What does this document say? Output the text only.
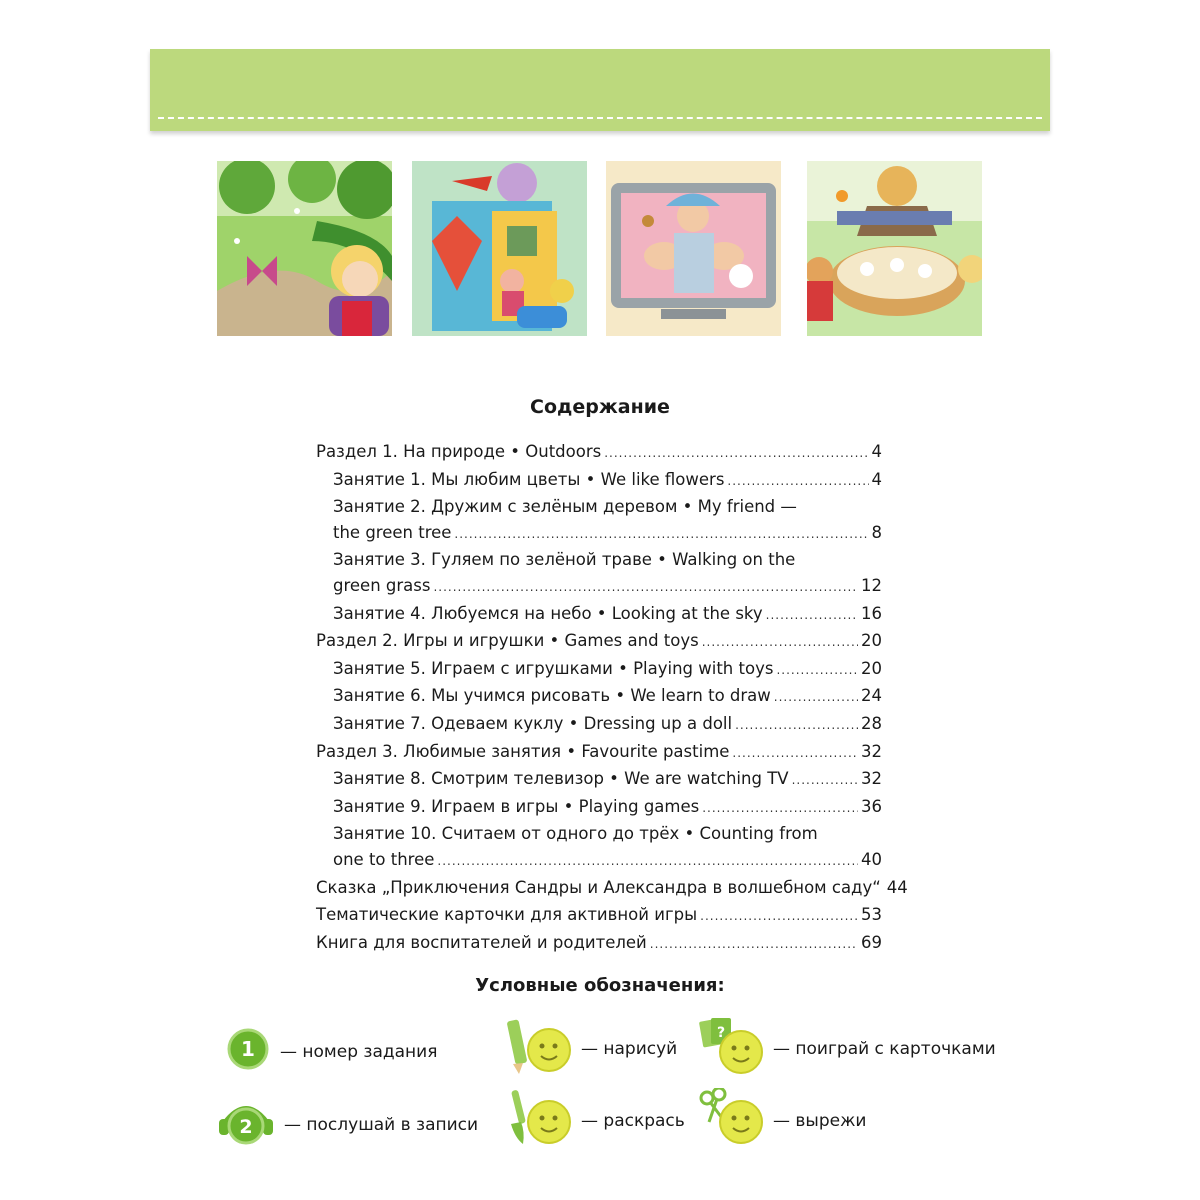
Содержание
Раздел 1. На природе • Outdoors .....	4
Занятие 1. Мы любим цветы • We like flowers .....	4
Занятие 2. Дружим с зелёным деревом • My friend —
the green tree .....	8
Занятие 3. Гуляем по зелёной траве • Walking on the
green grass .....	12
Занятие 4. Любуемся на небо • Looking at the sky .....	16
Раздел 2. Игры и игрушки • Games and toys .....	20
Занятие 5. Играем с игрушками • Playing with toys .....	20
Занятие 6. Мы учимся рисовать • We learn to draw .....	24
Занятие 7. Одеваем куклу • Dressing up a doll .....	28
Раздел 3. Любимые занятия • Favourite pastime .....	32
Занятие 8. Смотрим телевизор • We are watching TV .....	32
Занятие 9. Играем в игры • Playing games .....	36
Занятие 10. Считаем от одного до трёх • Counting from
one to three .....	40
Сказка „Приключения Сандры и Александра в волшебном саду“ 44
Тематические карточки для активной игры .....	53
Книга для воспитателей и родителей .....	69
Условные обозначения:
1 — номер задания	— нарисуй
?
— поиграй с карточками
2 — послушай в записи	— раскрась	— вырежи
